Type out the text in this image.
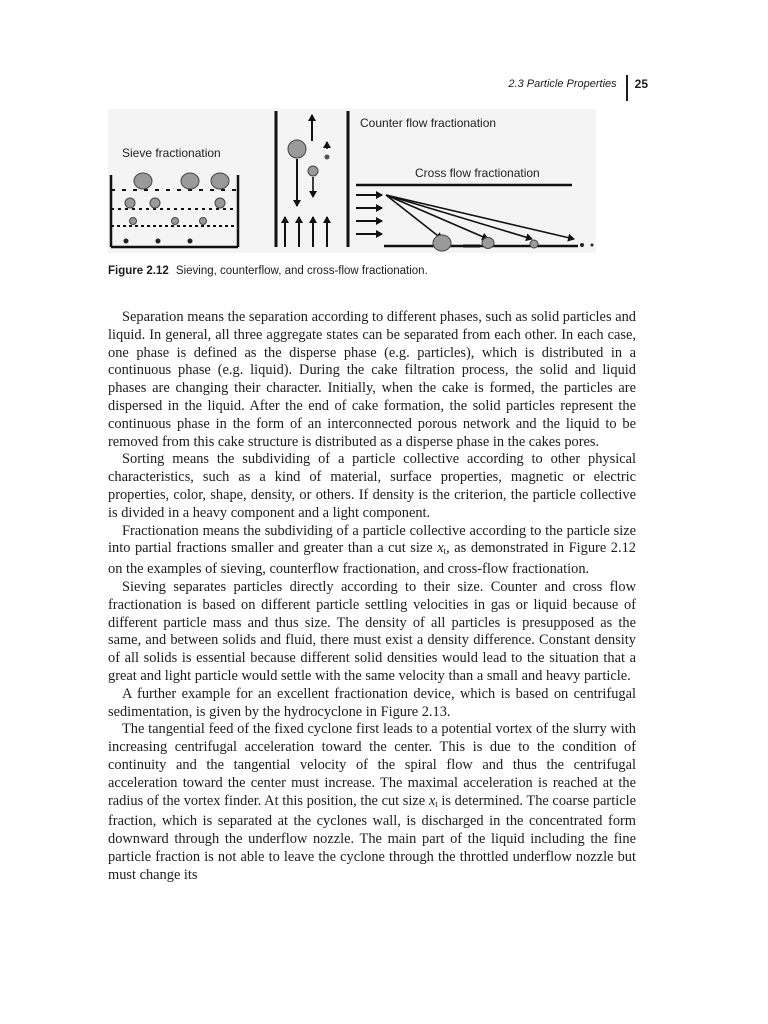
2.3 Particle Properties 25
Sieve fractionation
Counter flow fractionation
Cross flow fractionation
Figure 2.12 Sieving, counterflow, and cross-flow fractionation.

Separation means the separation according to different phases, such as solid particles and liquid. In general, all three aggregate states can be separated from each other. In each case, one phase is defined as the disperse phase (e.g. particles), which is distributed in a continuous phase (e.g. liquid). During the cake filtration process, the solid and liquid phases are changing their character. Initially, when the cake is formed, the particles are dispersed in the liquid. After the end of cake formation, the solid particles represent the continuous phase in the form of an interconnected porous network and the liquid to be removed from this cake structure is distributed as a disperse phase in the cakes pores.

Sorting means the subdividing of a particle collective according to other physical characteristics, such as a kind of material, surface properties, magnetic or electric properties, color, shape, density, or others. If density is the criterion, the particle collective is divided in a heavy component and a light component.

Fractionation means the subdividing of a particle collective according to the particle size into partial fractions smaller and greater than a cut size $x_t$, as demonstrated in Figure 2.12 on the examples of sieving, counterflow fractionation, and cross-flow fractionation.

Sieving separates particles directly according to their size. Counter and cross flow fractionation is based on different particle settling velocities in gas or liquid because of different particle mass and thus size. The density of all particles is presupposed as the same, and between solids and fluid, there must exist a density difference. Constant density of all solids is essential because different solid densities would lead to the situation that a great and light particle would settle with the same velocity than a small and heavy particle.

A further example for an excellent fractionation device, which is based on centrifugal sedimentation, is given by the hydrocyclone in Figure 2.13.

The tangential feed of the fixed cyclone first leads to a potential vortex of the slurry with increasing centrifugal acceleration toward the center. This is due to the condition of continuity and the tangential velocity of the spiral flow and thus the centrifugal acceleration toward the center must increase. The maximal acceleration is reached at the radius of the vortex finder. At this position, the cut size $x_t$ is determined. The coarse particle fraction, which is separated at the cyclones wall, is discharged in the concentrated form downward through the underflow nozzle. The main part of the liquid including the fine particle fraction is not able to leave the cyclone through the throttled underflow nozzle but must change its
